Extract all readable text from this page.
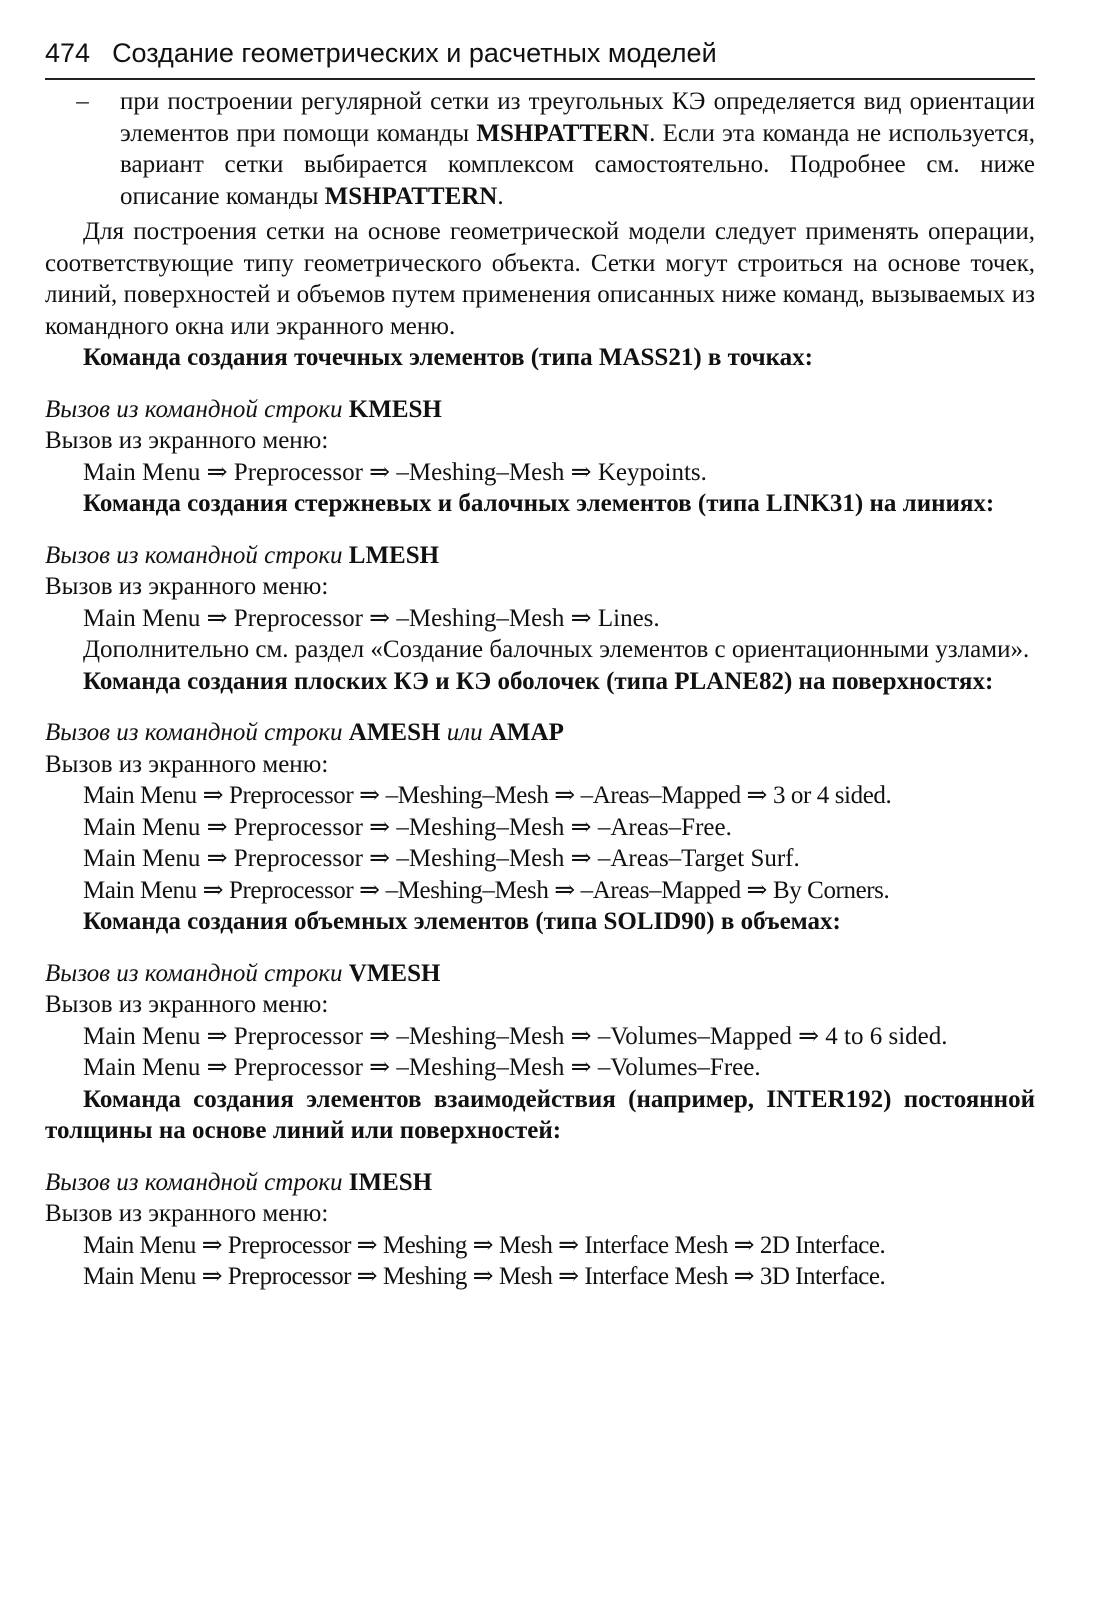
474 Создание геометрических и расчетных моделей
–	при построении регулярной сетки из треугольных КЭ определяется вид ориентации элементов при помощи команды MSHPATTERN. Если эта команда не используется, вариант сетки выбирается комплексом самостоятельно. Подробнее см. ниже описание команды MSHPATTERN.

Для построения сетки на основе геометрической модели следует применять операции, соответствующие типу геометрического объекта. Сетки могут строиться на основе точек, линий, поверхностей и объемов путем применения описанных ниже команд, вызываемых из командного окна или экранного меню.

Команда создания точечных элементов (типа MASS21) в точках:

Вызов из командной строки KMESH

Вызов из экранного меню:

Main Menu ⇒ Preprocessor ⇒ –Meshing–Mesh ⇒ Keypoints.

Команда создания стержневых и балочных элементов (типа LINK31) на линиях:

Вызов из командной строки LMESH

Вызов из экранного меню:

Main Menu ⇒ Preprocessor ⇒ –Meshing–Mesh ⇒ Lines.

Дополнительно см. раздел «Создание балочных элементов с ориентационными узлами».

Команда создания плоских КЭ и КЭ оболочек (типа PLANE82) на поверхностях:

Вызов из командной строки AMESH или AMAP

Вызов из экранного меню:

Main Menu ⇒ Preprocessor ⇒ –Meshing–Mesh ⇒ –Areas–Mapped ⇒ 3 or 4 sided.

Main Menu ⇒ Preprocessor ⇒ –Meshing–Mesh ⇒ –Areas–Free.

Main Menu ⇒ Preprocessor ⇒ –Meshing–Mesh ⇒ –Areas–Target Surf.

Main Menu ⇒ Preprocessor ⇒ –Meshing–Mesh ⇒ –Areas–Mapped ⇒ By Corners.

Команда создания объемных элементов (типа SOLID90) в объемах:

Вызов из командной строки VMESH

Вызов из экранного меню:

Main Menu ⇒ Preprocessor ⇒ –Meshing–Mesh ⇒ –Volumes–Mapped ⇒ 4 to 6 sided.

Main Menu ⇒ Preprocessor ⇒ –Meshing–Mesh ⇒ –Volumes–Free.

Команда создания элементов взаимодействия (например, INTER192) постоянной толщины на основе линий или поверхностей:

Вызов из командной строки IMESH

Вызов из экранного меню:

Main Menu ⇒ Preprocessor ⇒ Meshing ⇒ Mesh ⇒ Interface Mesh ⇒ 2D Interface.

Main Menu ⇒ Preprocessor ⇒ Meshing ⇒ Mesh ⇒ Interface Mesh ⇒ 3D Interface.
